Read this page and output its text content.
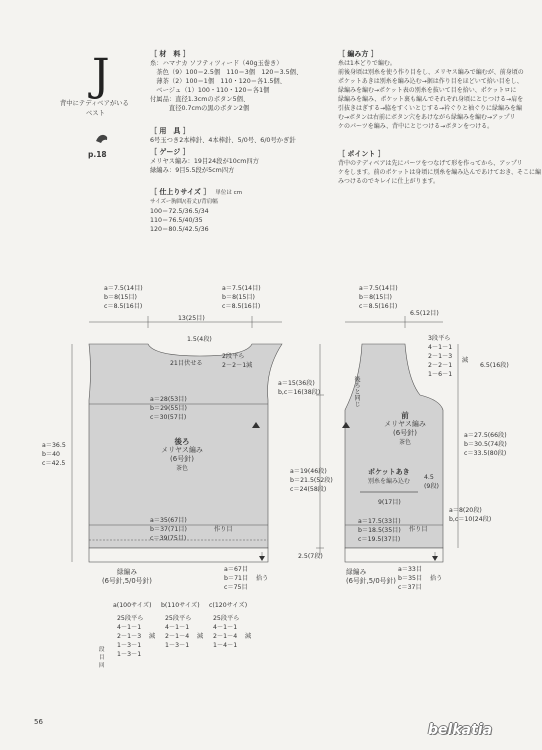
J
背中にテディベアがいる
ベスト
p.18
［ 材　料 ］
糸：ハマナカ ソフティツィード（40g玉巻き）
　茶色（9）100＝2.5個　110＝3個　120＝3.5個、
　薄茶（2）100＝1個　110・120＝各1.5個、
　ベージュ（1）100・110・120＝各1個
付属品：直径1.3cmのボタン5個、
　　　直径0.7cmの黒のボタン2個
［ 用　具 ］
6号玉つき2本棒針、4本棒針、5/0号、6/0号かぎ針
［ ゲージ ］
メリヤス編み：19目24段が10cm四方
緑編み：9目5.5段が5cm四方
［ 仕上りサイズ ］ 単位は cm
サイズー胸囲/(着丈)/背肩幅
100＝72.5/36.5/34
110＝76.5/40/35
120＝80.5/42.5/36
［ 編み方 ］
糸は1本どりで編む。
前後身頃は別糸を使う作り目をし、メリヤス編みで編むが、前身頃の
ポケットあきは別糸を編み込む→据は作り目をほどいて拾い目をし、
緑編みを編む→ポケット表の別糸を抜いて目を拾い、ポケットロに
緑編みを編み、ポケット裏も編んでそれぞれ身頃にとじつける→肩を
引抜きはぎする→脇をすくいとじする→衿ぐりと袖ぐりに緑編みを編
む→ボタンは右前にボタン穴をあけながら緑編みを編む→アップリ
ケのパーツを編み、背中にとじつける→ボタンをつける。
［ ポイント ］
背中のテディベアは先にパーツをつなげて形を作ってから、アップリ
ケをします。前のポケットは身頃に別糸を編み込んであけておき、そこに編
みつけるのでキレイに仕上がります。
a＝7.5(14目)
b＝8(15目)
c＝8.5(16目)
a＝7.5(14目)
b＝8(15目)
c＝8.5(16目)
13(25目)
1.5(4段)
21目伏せる
2段平ら
2－2－1減
a＝28(53目)
b＝29(55目)
c＝30(57目)
後ろ
メリヤス編み
(6号針)
茶色
a＝36.5
b＝40
c＝42.5
a＝35(67目)
b＝37(71目)
c＝39(75目)
作り目
a＝67目
b＝71目
c＝75目
拾う
緑編み
(6号針,5/0号針)
a＝15(36段)
b,c＝16(38段)
a＝19(46段)
b＝21.5(52段)
c＝24(58段)
2.5(7段)
a＝7.5(14目)
b＝8(15目)
c＝8.5(16目)
6.5(12目)
3段平ら
4－1－1
2－1－3
2－2－1
1－6－1
減
6.5(16段)
後ろと同じ
前
メリヤス編み
(6号針)
茶色
ポケットあき
別糸を編み込む
4.5
(9段)
9(17目)
a＝8(20段)
b,c＝10(24段)
a＝17.5(33目)
b＝18.5(35目)
c＝19.5(37目)
作り目
a＝27.5(66段)
b＝30.5(74段)
c＝33.5(80段)
a＝33目
b＝35目
c＝37目
拾う
緑編み
(6号針,5/0号針)
a(100サイズ) b(110サイズ) c(120サイズ)
25段平ら
4－1－1
2－1－3
1－3－1
1－3－1
減
25段平ら
4－1－1
2－1－4
1－3－1
減
25段平ら
4－1－1
2－1－4
1－4－1
減
段
目
回
56	belkatia
